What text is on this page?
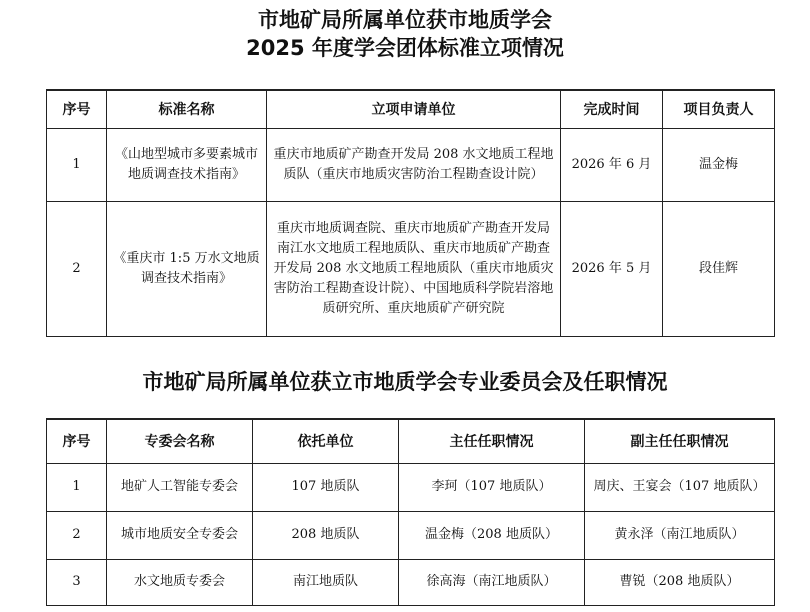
市地矿局所属单位获市地质学会
2025 年度学会团体标准立项情况
序号	标准名称	立项申请单位	完成时间	项目负责人
1	《山地型城市多要素城市地质调查技术指南》	重庆市地质矿产勘查开发局 208 水文地质工程地质队（重庆市地质灾害防治工程勘查设计院）	2026 年 6 月	温金梅
2	《重庆市 1:5 万水文地质调查技术指南》	重庆市地质调查院、重庆市地质矿产勘查开发局南江水文地质工程地质队、重庆市地质矿产勘查开发局 208 水文地质工程地质队（重庆市地质灾害防治工程勘查设计院）、中国地质科学院岩溶地质研究所、重庆地质矿产研究院	2026 年 5 月	段佳辉
市地矿局所属单位获立市地质学会专业委员会及任职情况
序号	专委会名称	依托单位	主任任职情况	副主任任职情况
1	地矿人工智能专委会	107 地质队	李珂（107 地质队）	周庆、王宴会（107 地质队）
2	城市地质安全专委会	208 地质队	温金梅（208 地质队）	黄永泽（南江地质队）
3	水文地质专委会	南江地质队	徐高海（南江地质队）	曹锐（208 地质队）
